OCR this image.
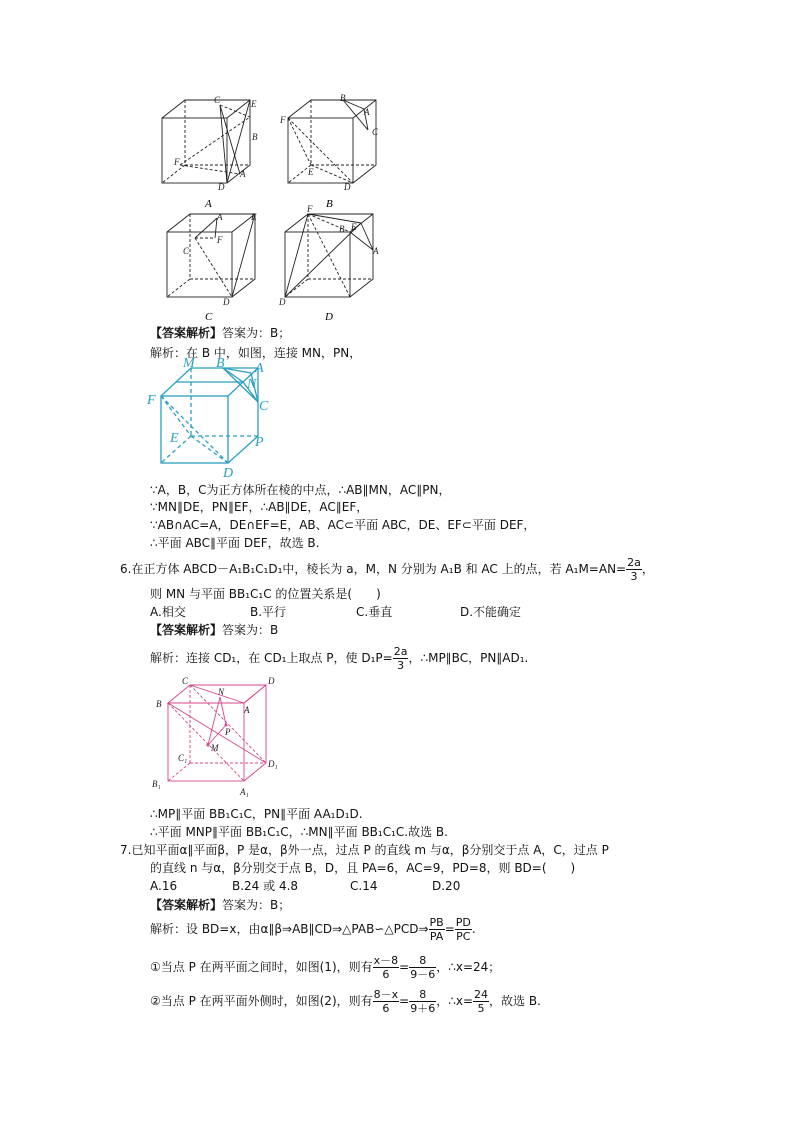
C	E
B
F
A
D
A
B
A
C
F
E
D
B
A	E
C
F
D
C
F
B E
A
D
D
【答案解析】答案为：B；
解析：在 B 中，如图，连接 MN，PN，
M B A
N
F	C
E	P
D
∵A，B，C为正方体所在棱的中点，∴AB∥MN，AC∥PN，
∵MN∥DE，PN∥EF，∴AB∥DE，AC∥EF，
∵AB∩AC=A，DE∩EF=E，AB、AC⊂平面 ABC，DE、EF⊂平面 DEF，
∴平面 ABC∥平面 DEF，故选 B.
6.在正方体 ABCD－A₁B₁C₁D₁中，棱长为 a，M，N 分别为 A₁B 和 AC 上的点，若 $A_1M=AN= \frac{2a}{3}$ ，
则 MN 与平面 BB₁C₁C 的位置关系是(　　)
A.相交	B.平行	C.垂直	D.不能确定
【答案解析】答案为：B
解析：连接 CD₁，在 CD₁上取点 P，使 $D_1P= \frac{2a}{3}$ ，∴MP∥BC，PN∥AD₁.
C
N
D
B
A
P
M
C₁
D₁
B₁
A₁
∴MP∥平面 BB₁C₁C，PN∥平面 AA₁D₁D.
∴平面 MNP∥平面 BB₁C₁C，∴MN∥平面 BB₁C₁C.故选 B.
7.已知平面α∥平面β，P 是α，β外一点，过点 P 的直线 m 与α，β分别交于点 A，C，过点 P
的直线 n 与α，β分别交于点 B，D，且 PA=6，AC=9，PD=8，则 BD=(　　)
A.16	B.24 或 4.8	C.14	D.20
【答案解析】答案为：B；
解析：设 BD=x，由α∥β⇒AB∥CD⇒△PAB∽△PCD⇒ $\frac{PB}{PA} = \frac{PD}{PC}$ .
①当点 P 在两平面之间时，如图(1)，则有 $\frac{x-8}{6} = \frac{8}{9-6}$ ，∴x=24；
②当点 P 在两平面外侧时，如图(2)，则有 $\frac{8-x}{6} = \frac{8}{9+6}$ ，∴x= $\frac{24}{5}$ ，故选 B.
